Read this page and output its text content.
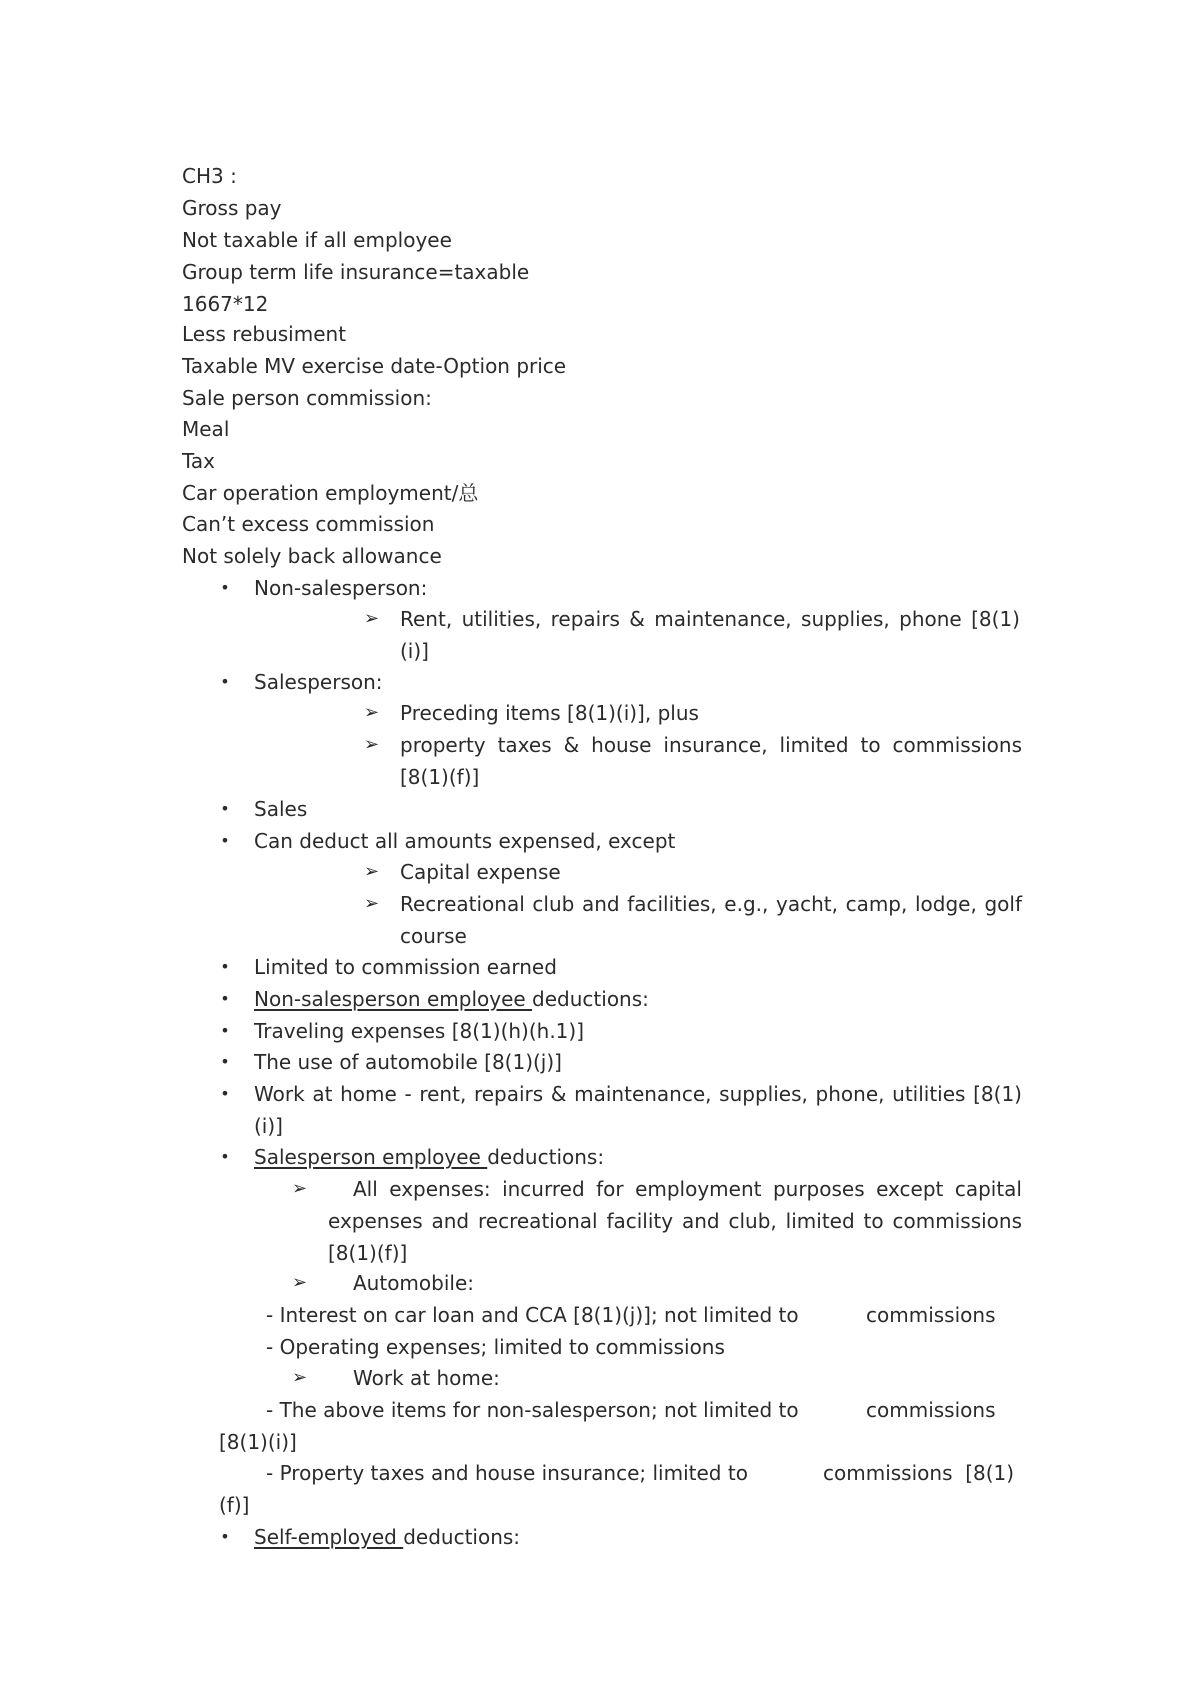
CH3 :
Gross pay
Not taxable if all employee
Group term life insurance=taxable
1667*12
Less rebusiment
Taxable MV exercise date-Option price
Sale person commission:
Meal
Tax
Car operation employment/总
Can’t excess commission
Not solely back allowance
• Non-salesperson:
➢	Rent, utilities, repairs & maintenance, supplies, phone [8(1)(i)]
• Salesperson:
➢	Preceding items [8(1)(i)], plus
➢	property taxes & house insurance, limited to commissions [8(1)(f)]
• Sales
• Can deduct all amounts expensed, except
➢	Capital expense
➢	Recreational club and facilities, e.g., yacht, camp, lodge, golf course
• Limited to commission earned
• Non-salesperson employee deductions:
• Traveling expenses [8(1)(h)(h.1)]
• The use of automobile [8(1)(j)]
• Work at home - rent, repairs & maintenance, supplies, phone, utilities [8(1)(i)]
• Salesperson employee deductions:
➢	All expenses: incurred for employment purposes except capital expenses and recreational facility and club, limited to commissions [8(1)(f)]
➢	Automobile:
- Interest on car loan and CCA [8(1)(j)]; not limited to	commissions
- Operating expenses; limited to commissions
➢	Work at home:
- The above items for non-salesperson; not limited to	commissions
[8(1)(i)]
- Property taxes and house insurance; limited to	commissions  [8(1)
(f)]
• Self-employed deductions:
